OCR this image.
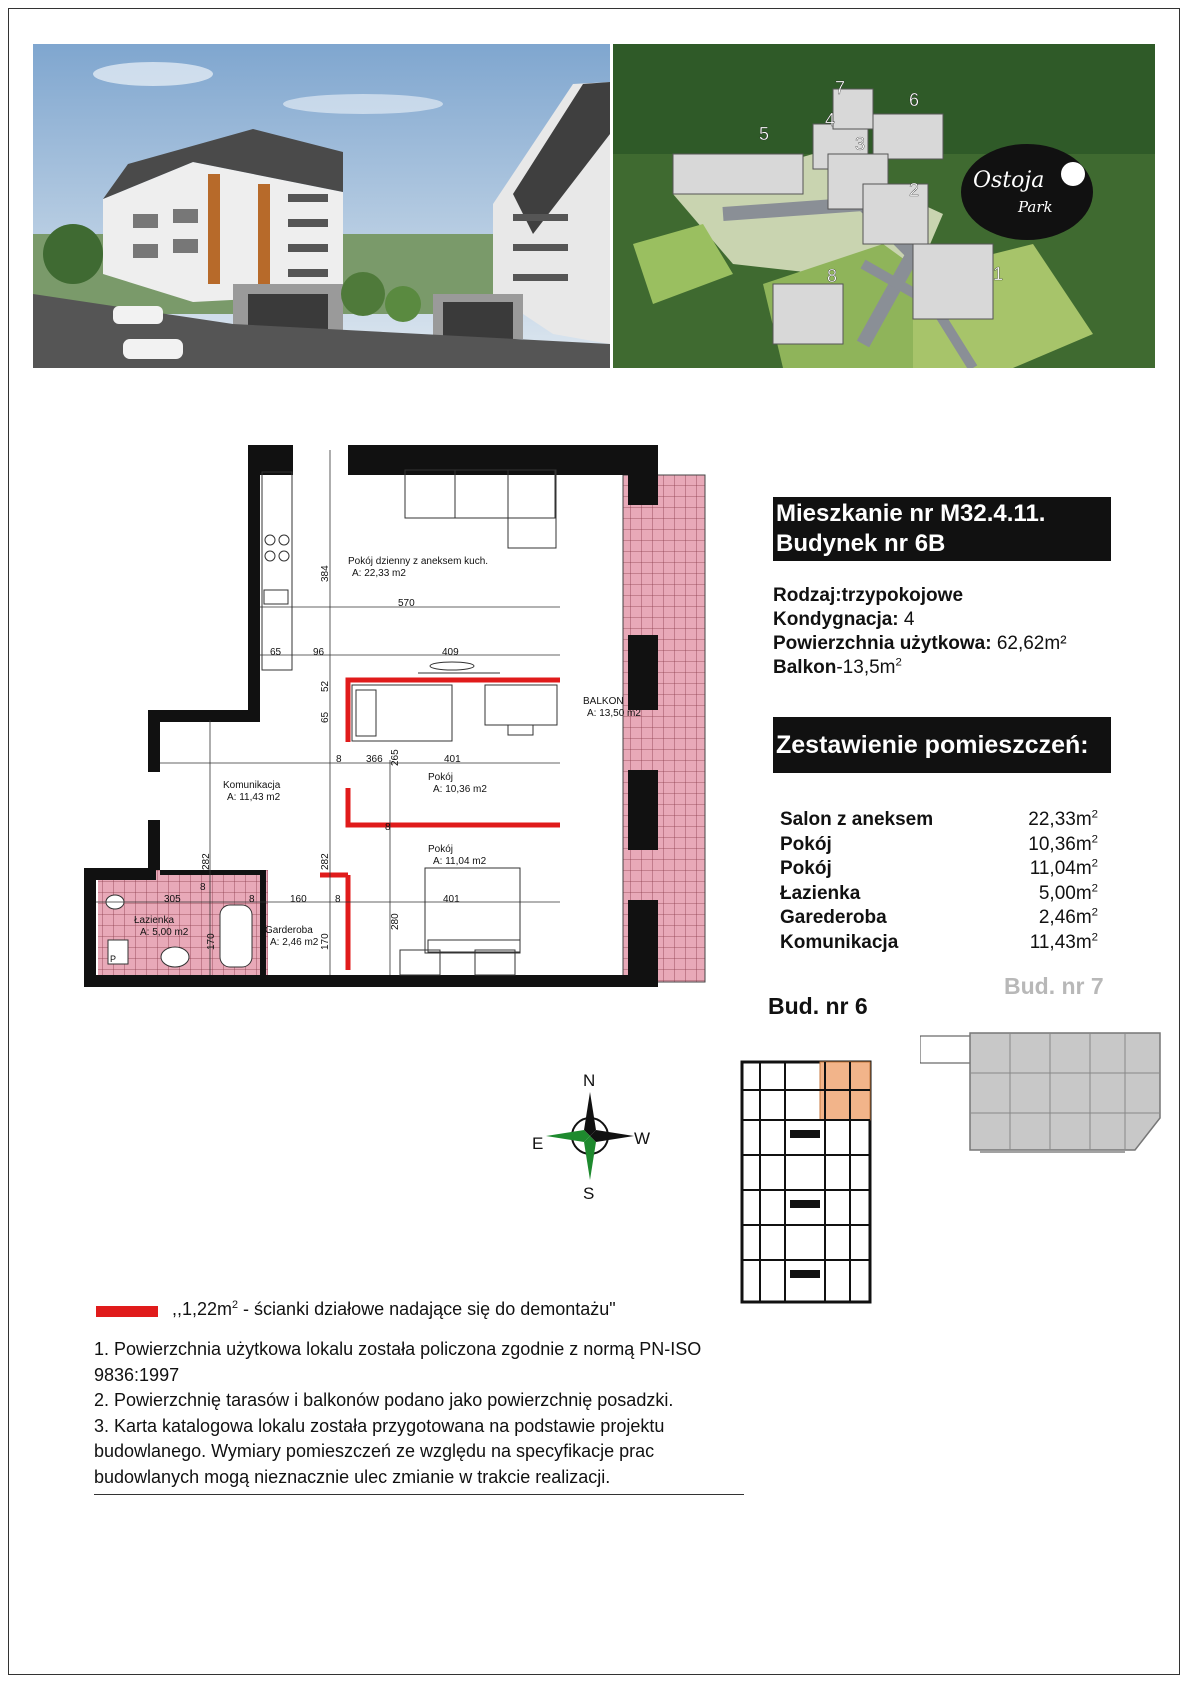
1
2
3
4
5
6
7
8
Ostoja
Park
Mieszkanie nr M32.4.11.
Budynek nr 6B
Rodzaj:trzypokojowe
Kondygnacja: 4
Powierzchnia użytkowa: 62,62m²
Balkon-$13,5m^2$
Zestawienie pomieszczeń:
Salon z aneksem	$22,33m^2$
Pokój	$10,36m^2$
Pokój	$11,04m^2$
Łazienka	$5,00m^2$
Garederoba	$2,46m^2$
Komunikacja	$11,43m^2$
Bud. nr 6
Bud. nr 7
Pokój dzienny z aneksem kuch.
A: 22,33 m2
BALKON
A: 13,50 m2
Komunikacja
A: 11,43 m2
Pokój
A: 10,36 m2
Pokój
A: 11,04 m2
Łazienka
A: 5,00 m2	Garderoba
A: 2,46 m2
P
570
65	96	409
366
8	401
305	160	401
8	8
8
8
384
52
65
265
282	282
170	170
280
N
S
E	W
$,,1,22m^2$ - ścianki działowe nadające się do demontażu"
1. Powierzchnia użytkowa lokalu została policzona zgodnie z normą PN-ISO 9836:1997
2. Powierzchnię tarasów i balkonów podano jako powierzchnię posadzki.
3. Karta katalogowa lokalu została przygotowana na podstawie projektu budowlanego. Wymiary pomieszczeń ze względu na specyfikacje prac budowlanych mogą nieznacznie ulec zmianie w trakcie realizacji.
